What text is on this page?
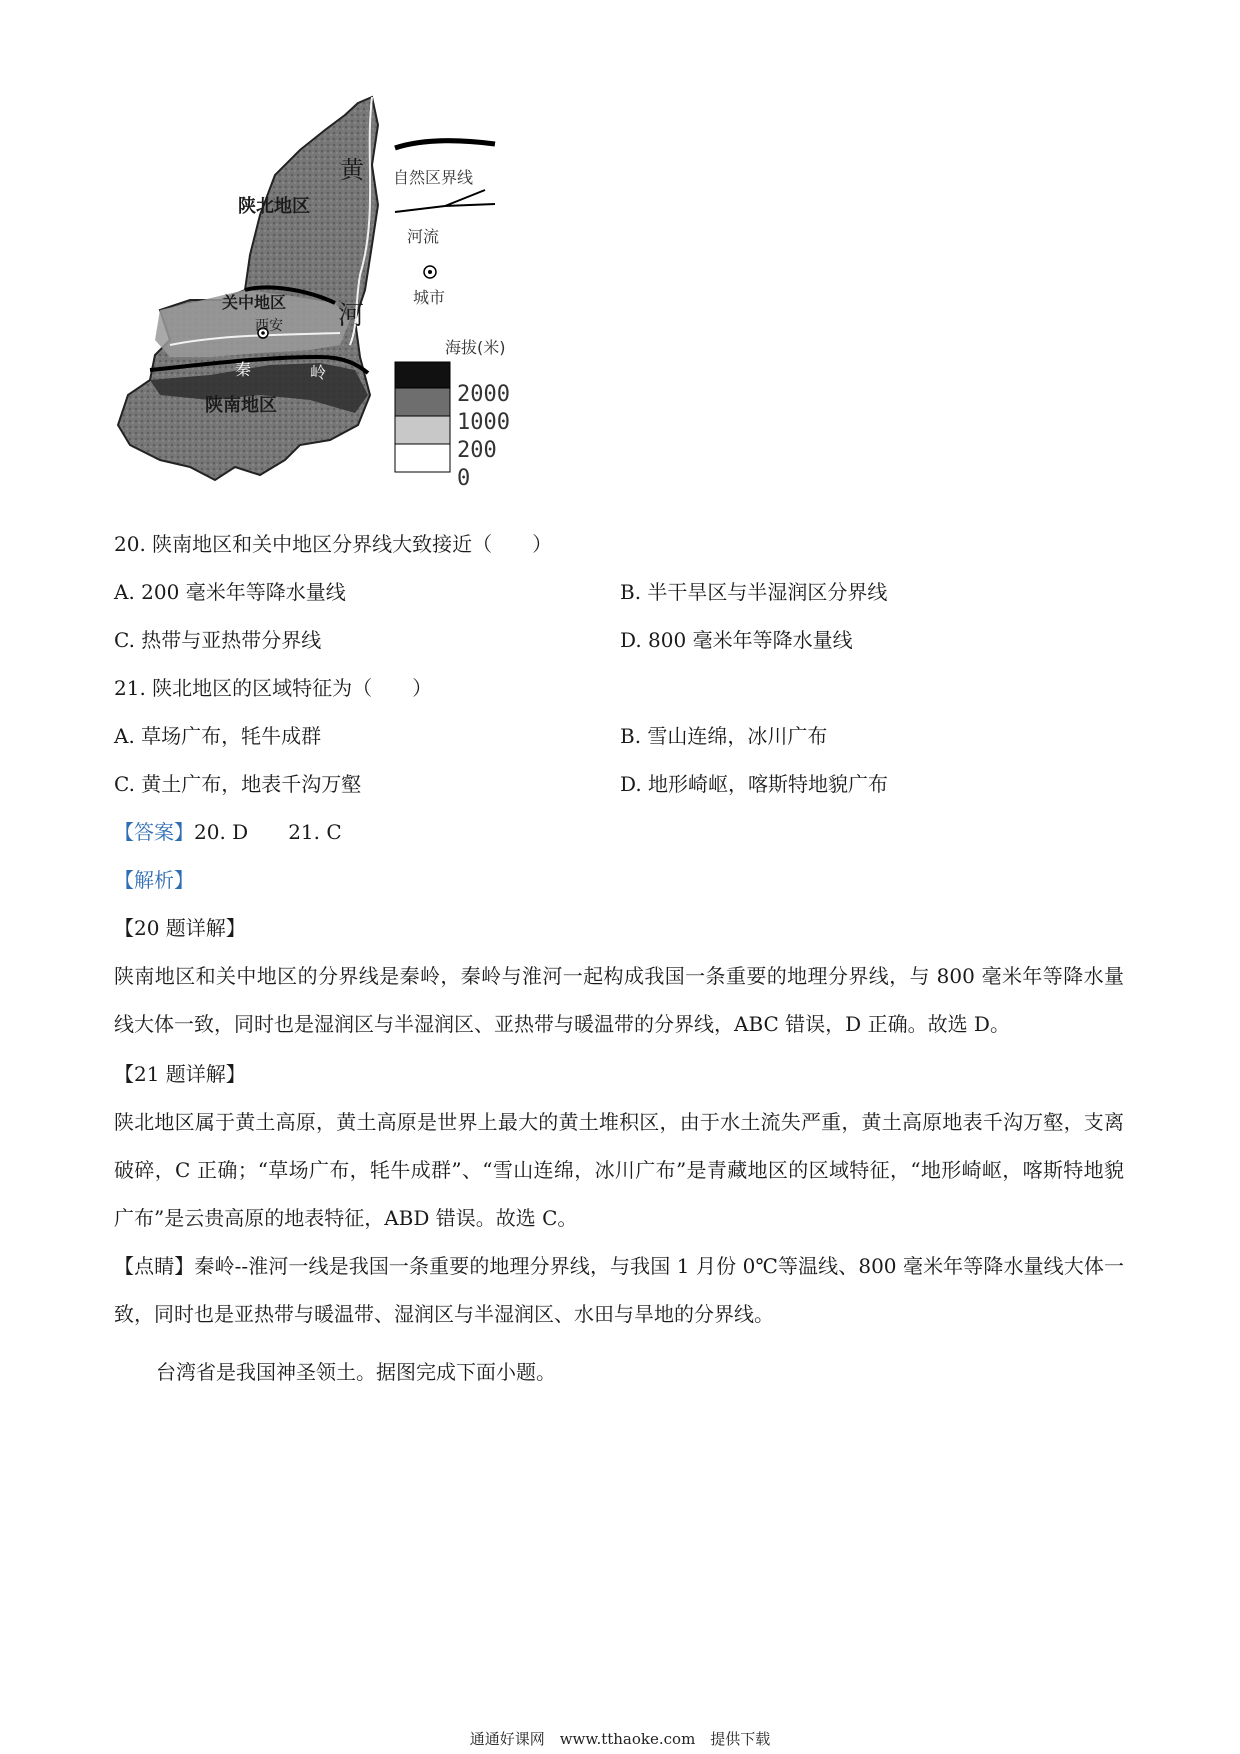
黄
河
陕北地区
关中地区
西安
秦	岭
陕南地区
自然区界线
河流
城市
海拔(米)
2000
1000
200
0
20. 陕南地区和关中地区分界线大致接近（　　）
A. 200 毫米年等降水量线	B. 半干旱区与半湿润区分界线
C. 热带与亚热带分界线	D. 800 毫米年等降水量线
21. 陕北地区的区域特征为（　　）
A. 草场广布，牦牛成群	B. 雪山连绵，冰川广布
C. 黄土广布，地表千沟万壑	D. 地形崎岖，喀斯特地貌广布
【答案】20. D　　21. C
【解析】
【20 题详解】
陕南地区和关中地区的分界线是秦岭，秦岭与淮河一起构成我国一条重要的地理分界线，与 800 毫米年等降水量线大体一致，同时也是湿润区与半湿润区、亚热带与暖温带的分界线，ABC 错误，D 正确。故选 D。
【21 题详解】
陕北地区属于黄土高原，黄土高原是世界上最大的黄土堆积区，由于水土流失严重，黄土高原地表千沟万壑，支离破碎，C 正确；“草场广布，牦牛成群”、“雪山连绵，冰川广布”是青藏地区的区域特征，“地形崎岖，喀斯特地貌广布”是云贵高原的地表特征，ABD 错误。故选 C。
【点睛】秦岭--淮河一线是我国一条重要的地理分界线，与我国 1 月份 0℃等温线、800 毫米年等降水量线大体一致，同时也是亚热带与暖温带、湿润区与半湿润区、水田与旱地的分界线。
台湾省是我国神圣领土。据图完成下面小题。
通通好课网　www.tthaoke.com　提供下载
